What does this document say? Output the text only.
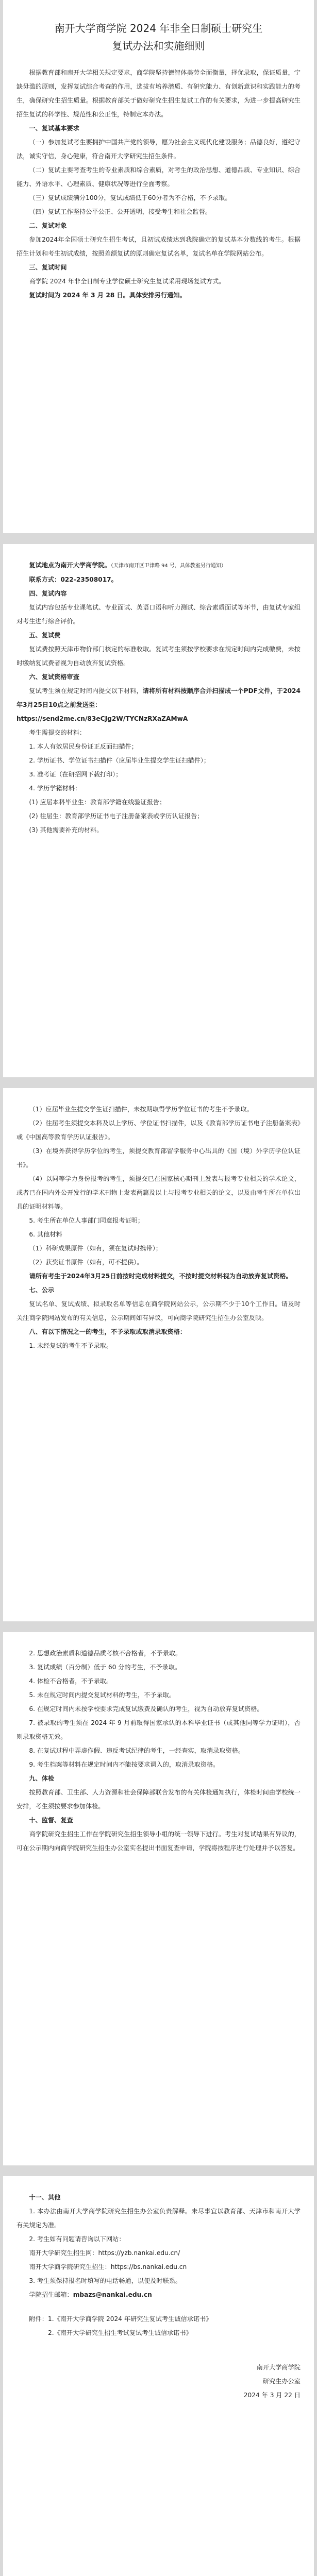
南开大学商学院 2024 年非全日制硕士研究生
复试办法和实施细则

根据教育部和南开大学相关规定要求，商学院坚持德智体美劳全面衡量，择优录取，保证质量，宁缺毋滥的原则，发挥复试综合考查的作用，选拔有培养潜质、有研究能力、有创新意识和实践能力的考生，确保研究生招生质量。根据教育部关于做好研究生招生复试工作的有关要求，为进一步提高研究生招生复试的科学性、规范性和公正性，特制定本办法。

一、复试基本要求

（一）参加复试考生要拥护中国共产党的领导，愿为社会主义现代化建设服务；品德良好，遵纪守法，诚实守信，身心健康，符合南开大学研究生招生条件。

（二）复试主要考查考生的专业素质和综合素质，对考生的政治思想、道德品质、专业知识、综合能力、外语水平、心理素质、健康状况等进行全面考察。

（三）复试成绩满分100分，复试成绩低于60分者为不合格，不予录取。

（四）复试工作坚持公平公正、公开透明，接受考生和社会监督。

二、复试对象

参加2024年全国硕士研究生招生考试，且初试成绩达到我院确定的复试基本分数线的考生。根据招生计划和考生初试成绩，按照差额复试的原则确定复试名单，复试名单在学院网站公布。

三、复试时间

商学院 2024 年非全日制专业学位硕士研究生复试采用现场复试方式。

复试时间为 2024 年 3 月 28 日。具体安排另行通知。

复试地点为南开大学商学院。（天津市南开区卫津路 94 号，具体教室另行通知）

联系方式：022-23508017。

四、复试内容

复试内容包括专业课笔试、专业面试、英语口语和听力测试、综合素质面试等环节，由复试专家组对考生进行综合评价。

五、复试费

复试费按照天津市物价部门核定的标准收取。复试考生须按学校要求在规定时间内完成缴费，未按时缴纳复试费者视为自动放弃复试资格。

六、复试资格审查

复试考生须在规定时间内提交以下材料，请将所有材料按顺序合并扫描成一个PDF文件，于2024年3月25日10点之前发送至：

https://send2me.cn/83eCJg2W/TYCNzRXaZAMwA

考生需提交的材料：

1. 本人有效居民身份证正反面扫描件；

2. 学历证书、学位证书扫描件（应届毕业生提交学生证扫描件）；

3. 准考证（在研招网下载打印）；

4. 学历学籍材料：

(1) 应届本科毕业生：教育部学籍在线验证报告；

(2) 往届生：教育部学历证书电子注册备案表或学历认证报告；

(3) 其他需要补充的材料。

（1）应届毕业生提交学生证扫描件，未按期取得学历学位证书的考生不予录取。

（2）往届考生须提交本科及以上学历、学位证书扫描件，以及《教育部学历证书电子注册备案表》或《中国高等教育学历认证报告》。

（3）在境外获得学历学位的考生，须提交教育部留学服务中心出具的《国（境）外学历学位认证书》。

（4）以同等学力身份报考的考生，须提交已在国家核心期刊上发表与报考专业相关的学术论文，或者已在国内外公开发行的学术刊物上发表两篇及以上与报考专业相关的论文，以及由考生所在单位出具的证明材料等。

5. 考生所在单位人事部门同意报考证明；

6. 其他材料

（1）科研成果原件（如有，须在复试时携带）；

（2）获奖证书原件（如有，可不提供）。

请所有考生于2024年3月25日前按时完成材料提交，不按时提交材料视为自动放弃复试资格。

七、公示

复试名单、复试成绩、拟录取名单等信息在商学院网站公示，公示期不少于10个工作日。请及时关注商学院网站发布的有关信息，公示期间如有异议，可向商学院研究生招生办公室反映。

八、有以下情况之一的考生，不予录取或取消录取资格：

1. 未经复试的考生不予录取。

2. 思想政治素质和道德品质考核不合格者，不予录取。

3. 复试成绩（百分制）低于 60 分的考生，不予录取。

4. 体检不合格者，不予录取。

5. 未在规定时间内提交复试材料的考生，不予录取。

6. 在规定时间内未按学校要求完成复试缴费及确认的考生，视为自动放弃复试资格。

7. 被录取的考生须在 2024 年 9 月前取得国家承认的本科毕业证书（或其他同等学力证明），否则录取资格无效。

8. 在复试过程中弄虚作假、违反考试纪律的考生，一经查实，取消录取资格。

9. 考生档案等材料在规定时间内不能按要求调入的，取消录取资格。

九、体检

按照教育部、卫生部、人力资源和社会保障部联合发布的有关体检通知执行，体检时间由学校统一安排，考生须按要求参加体检。

十、监督、复查

商学院研究生招生工作在学院研究生招生领导小组的统一领导下进行。考生对复试结果有异议的，可在公示期内向商学院研究生招生办公室实名提出书面复查申请，学院将按程序进行处理并予以答复。

十一、其他

1. 本办法由南开大学商学院研究生招生办公室负责解释。未尽事宜以教育部、天津市和南开大学有关规定为准。

2. 考生如有问题请咨询以下网站：

南开大学研究生招生网：https://yzb.nankai.edu.cn/

南开大学商学院研究生招生：https://bs.nankai.edu.cn

3. 考生须保持报名时填写的电话畅通，以便及时联系。

学院招生邮箱：mbazs@nankai.edu.cn

附件：1.《南开大学商学院 2024 年研究生复试考生诚信承诺书》

2.《南开大学研究生招生考试复试考生诚信承诺书》

南开大学商学院

研究生办公室

2024 年 3 月 22 日
